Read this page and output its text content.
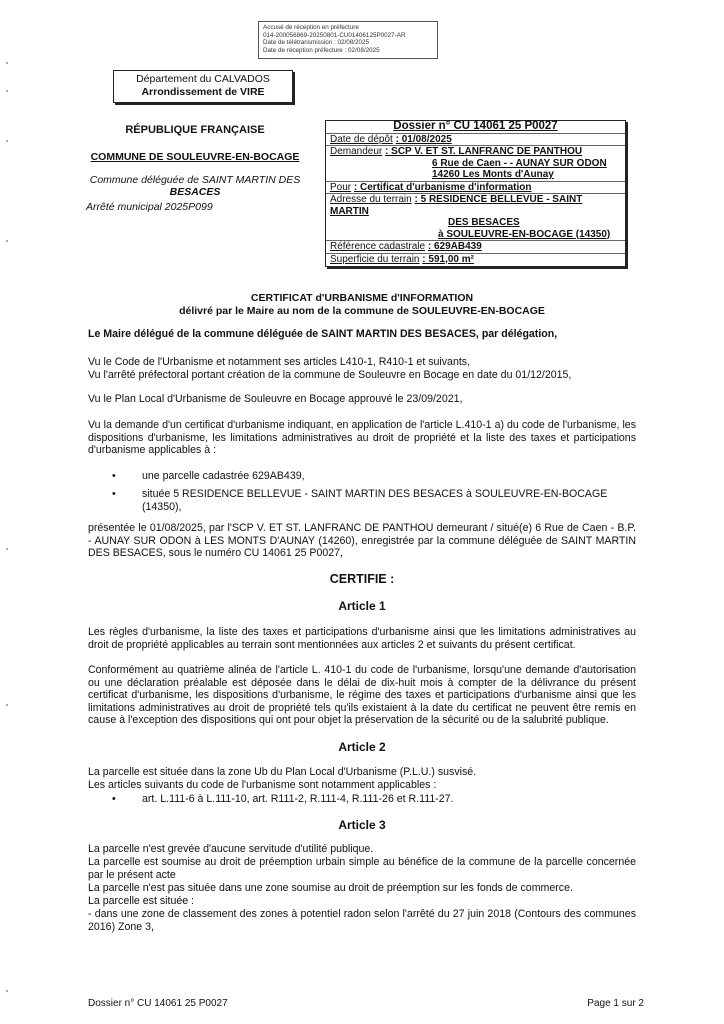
Accusé de réception en préfecture
014-200056869-20250801-CU01406125P0027-AR
Date de télétransmission : 02/08/2025
Date de réception préfecture : 02/08/2025
Département du CALVADOS
Arrondissement de VIRE
RÉPUBLIQUE FRANÇAISE
COMMUNE DE SOULEUVRE-EN-BOCAGE
Commune déléguée de SAINT MARTIN DES
BESACES
Arrêté municipal 2025P099
Dossier n° CU 14061 25 P0027
Date de dépôt : 01/08/2025
Demandeur : SCP V. ET ST. LANFRANC DE PANTHOU
6 Rue de Caen - - AUNAY SUR ODON
14260 Les Monts d'Aunay
Pour : Certificat d'urbanisme d'information
Adresse du terrain : 5 RESIDENCE BELLEVUE - SAINT MARTIN
DES BESACES
à SOULEUVRE-EN-BOCAGE (14350)
Référence cadastrale : 629AB439
Superficie du terrain : 591,00 m²
CERTIFICAT d'URBANISME d'INFORMATION
délivré par le Maire au nom de la commune de SOULEUVRE-EN-BOCAGE
Le Maire délégué de la commune déléguée de SAINT MARTIN DES BESACES, par délégation,
Vu le Code de l'Urbanisme et notamment ses articles L410-1, R410-1 et suivants,
Vu l'arrêté préfectoral portant création de la commune de Souleuvre en Bocage en date du 01/12/2015,
Vu le Plan Local d'Urbanisme de Souleuvre en Bocage approuvé le 23/09/2021,
Vu la demande d'un certificat d'urbanisme indiquant, en application de l'article L.410-1 a) du code de l'urbanisme, les dispositions d'urbanisme, les limitations administratives au droit de propriété et la liste des taxes et participations d'urbanisme applicables à :
• une parcelle cadastrée 629AB439,
• située 5 RESIDENCE BELLEVUE - SAINT MARTIN DES BESACES à SOULEUVRE-EN-BOCAGE
(14350),
présentée le 01/08/2025, par l'SCP V. ET ST. LANFRANC DE PANTHOU demeurant / situé(e) 6 Rue de Caen - B.P. - AUNAY SUR ODON à LES MONTS D'AUNAY (14260), enregistrée par la commune déléguée de SAINT MARTIN DES BESACES, sous le numéro CU 14061 25 P0027,
CERTIFIE :
Article 1
Les règles d'urbanisme, la liste des taxes et participations d'urbanisme ainsi que les limitations administratives au droit de propriété applicables au terrain sont mentionnées aux articles 2 et suivants du présent certificat.
Conformément au quatrième alinéa de l'article L. 410-1 du code de l'urbanisme, lorsqu'une demande d'autorisation ou une déclaration préalable est déposée dans le délai de dix-huit mois à compter de la délivrance du présent certificat d'urbanisme, les dispositions d'urbanisme, le régime des taxes et participations d'urbanisme ainsi que les limitations administratives au droit de propriété tels qu'ils existaient à la date du certificat ne peuvent être remis en cause à l'exception des dispositions qui ont pour objet la préservation de la sécurité ou de la salubrité publique.
Article 2
La parcelle est située dans la zone Ub du Plan Local d'Urbanisme (P.L.U.) susvisé.
Les articles suivants du code de l'urbanisme sont notamment applicables :
• art. L.111-6 à L.111-10, art. R111-2, R.111-4, R.111-26 et R.111-27.
Article 3
La parcelle n'est grevée d'aucune servitude d'utilité publique.
La parcelle est soumise au droit de préemption urbain simple au bénéfice de la commune de la parcelle concernée par le présent acte
La parcelle n'est pas située dans une zone soumise au droit de préemption sur les fonds de commerce.
La parcelle est située :
- dans une zone de classement des zones à potentiel radon selon l'arrêté du 27 juin 2018 (Contours des communes 2016) Zone 3,
Dossier n° CU 14061 25 P0027	Page 1 sur 2
